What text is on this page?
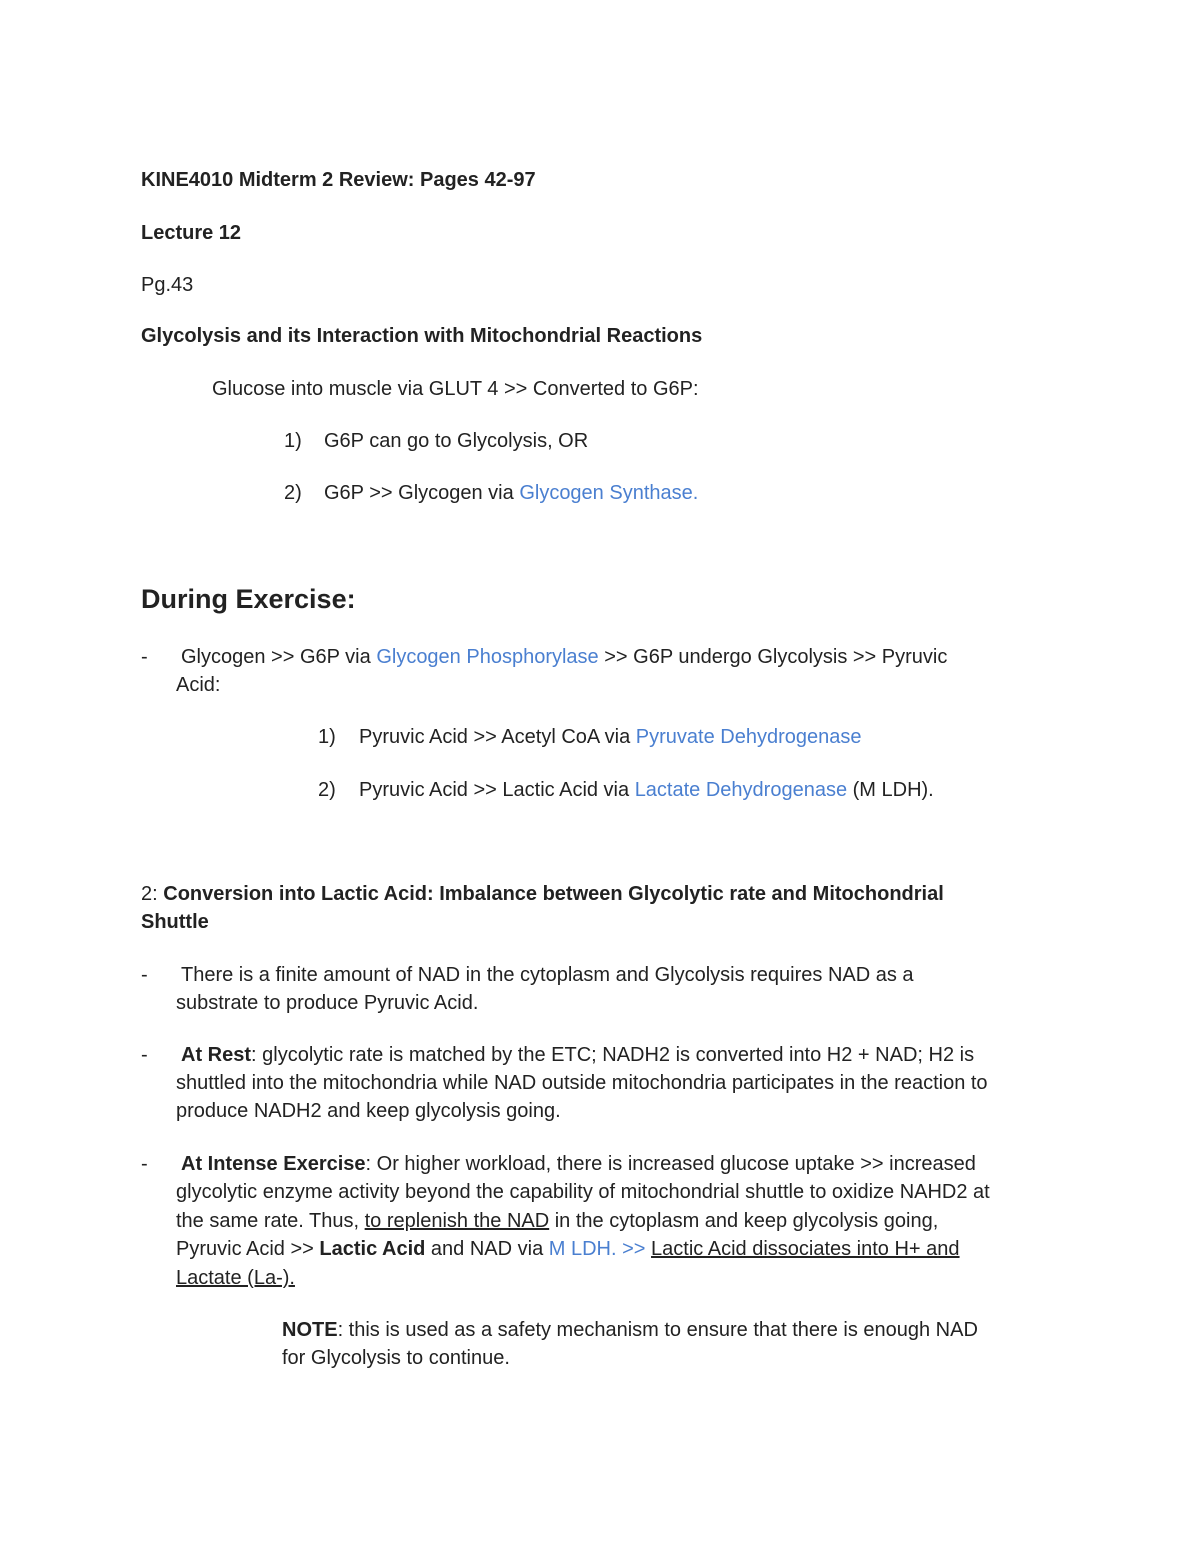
KINE4010 Midterm 2 Review: Pages 42-97
Lecture 12
Pg.43
Glycolysis and its Interaction with Mitochondrial Reactions
Glucose into muscle via GLUT 4 >> Converted to G6P:
1) G6P can go to Glycolysis, OR
2) G6P >> Glycogen via Glycogen Synthase.
During Exercise:
- Glycogen >> G6P via Glycogen Phosphorylase >> G6P undergo Glycolysis >> Pyruvic
Acid:
1) Pyruvic Acid >> Acetyl CoA via Pyruvate Dehydrogenase
2) Pyruvic Acid >> Lactic Acid via Lactate Dehydrogenase (M LDH).
2: Conversion into Lactic Acid: Imbalance between Glycolytic rate and Mitochondrial
Shuttle
- There is a finite amount of NAD in the cytoplasm and Glycolysis requires NAD as a
substrate to produce Pyruvic Acid.
- At Rest: glycolytic rate is matched by the ETC; NADH2 is converted into H2 + NAD; H2 is
shuttled into the mitochondria while NAD outside mitochondria participates in the reaction to
produce NADH2 and keep glycolysis going.
- At Intense Exercise: Or higher workload, there is increased glucose uptake >> increased
glycolytic enzyme activity beyond the capability of mitochondrial shuttle to oxidize NAHD2 at
the same rate. Thus, to replenish the NAD in the cytoplasm and keep glycolysis going,
Pyruvic Acid >> Lactic Acid and NAD via M LDH. >> Lactic Acid dissociates into H+ and
Lactate (La-).
NOTE: this is used as a safety mechanism to ensure that there is enough NAD
for Glycolysis to continue.
